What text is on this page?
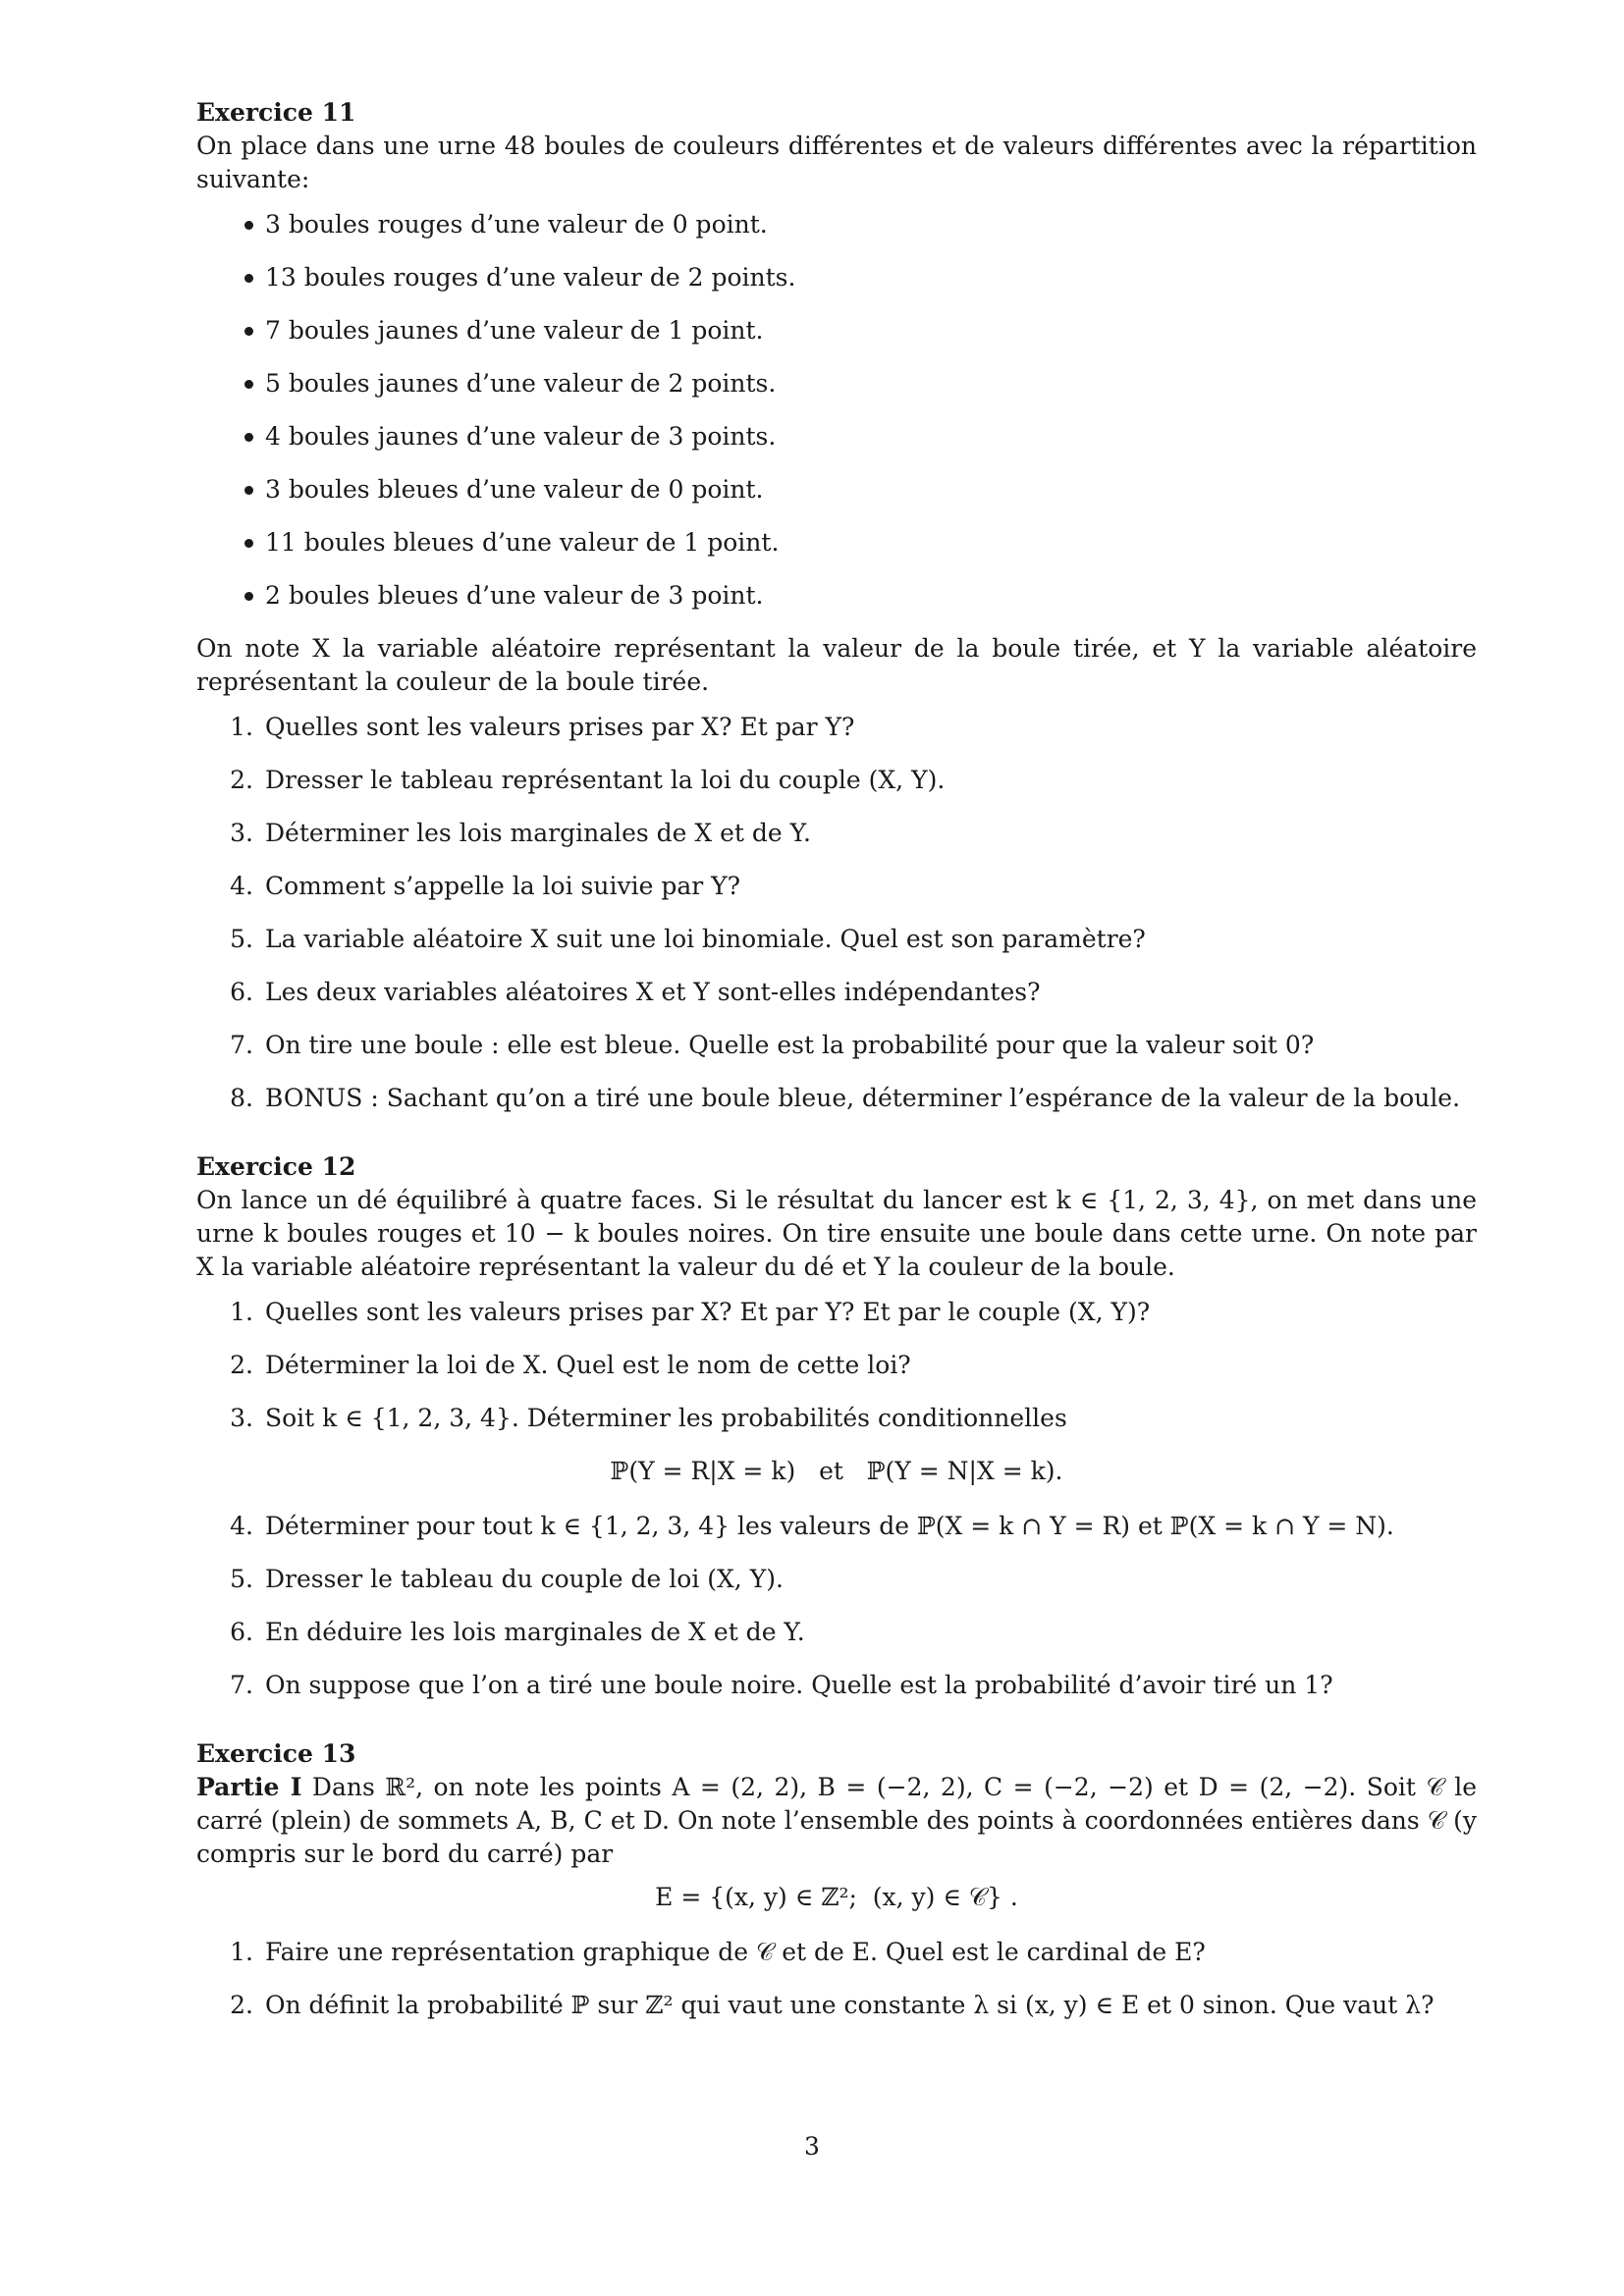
Exercice 11

On place dans une urne 48 boules de couleurs différentes et de valeurs différentes avec la répartition suivante:

3 boules rouges d’une valeur de 0 point.
13 boules rouges d’une valeur de 2 points.
7 boules jaunes d’une valeur de 1 point.
5 boules jaunes d’une valeur de 2 points.
4 boules jaunes d’une valeur de 3 points.
3 boules bleues d’une valeur de 0 point.
11 boules bleues d’une valeur de 1 point.
2 boules bleues d’une valeur de 3 point.

On note X la variable aléatoire représentant la valeur de la boule tirée, et Y la variable aléatoire représentant la couleur de la boule tirée.

1. Quelles sont les valeurs prises par X? Et par Y?
2. Dresser le tableau représentant la loi du couple (X, Y).
3. Déterminer les lois marginales de X et de Y.
4. Comment s’appelle la loi suivie par Y?
5. La variable aléatoire X suit une loi binomiale. Quel est son paramètre?
6. Les deux variables aléatoires X et Y sont-elles indépendantes?
7. On tire une boule : elle est bleue. Quelle est la probabilité pour que la valeur soit 0?
8. BONUS : Sachant qu’on a tiré une boule bleue, déterminer l’espérance de la valeur de la boule.

Exercice 12

On lance un dé équilibré à quatre faces. Si le résultat du lancer est k ∈ {1, 2, 3, 4}, on met dans une urne k boules rouges et 10 − k boules noires. On tire ensuite une boule dans cette urne. On note par X la variable aléatoire représentant la valeur du dé et Y la couleur de la boule.

1. Quelles sont les valeurs prises par X? Et par Y? Et par le couple (X, Y)?
2. Déterminer la loi de X. Quel est le nom de cette loi?
3. Soit k ∈ {1, 2, 3, 4}. Déterminer les probabilités conditionnelles

ℙ(Y = R|X = k)   et   ℙ(Y = N|X = k).

4. Déterminer pour tout k ∈ {1, 2, 3, 4} les valeurs de ℙ(X = k ∩ Y = R) et ℙ(X = k ∩ Y = N).
5. Dresser le tableau du couple de loi (X, Y).
6. En déduire les lois marginales de X et de Y.
7. On suppose que l’on a tiré une boule noire. Quelle est la probabilité d’avoir tiré un 1?

Exercice 13

Partie I Dans ℝ², on note les points A = (2, 2), B = (−2, 2), C = (−2, −2) et D = (2, −2). Soit 𝒞 le carré (plein) de sommets A, B, C et D. On note l’ensemble des points à coordonnées entières dans 𝒞 (y compris sur le bord du carré) par

E = {(x, y) ∈ ℤ²;  (x, y) ∈ 𝒞} .

1. Faire une représentation graphique de 𝒞 et de E. Quel est le cardinal de E?
2. On définit la probabilité ℙ sur ℤ² qui vaut une constante λ si (x, y) ∈ E et 0 sinon. Que vaut λ?
3
